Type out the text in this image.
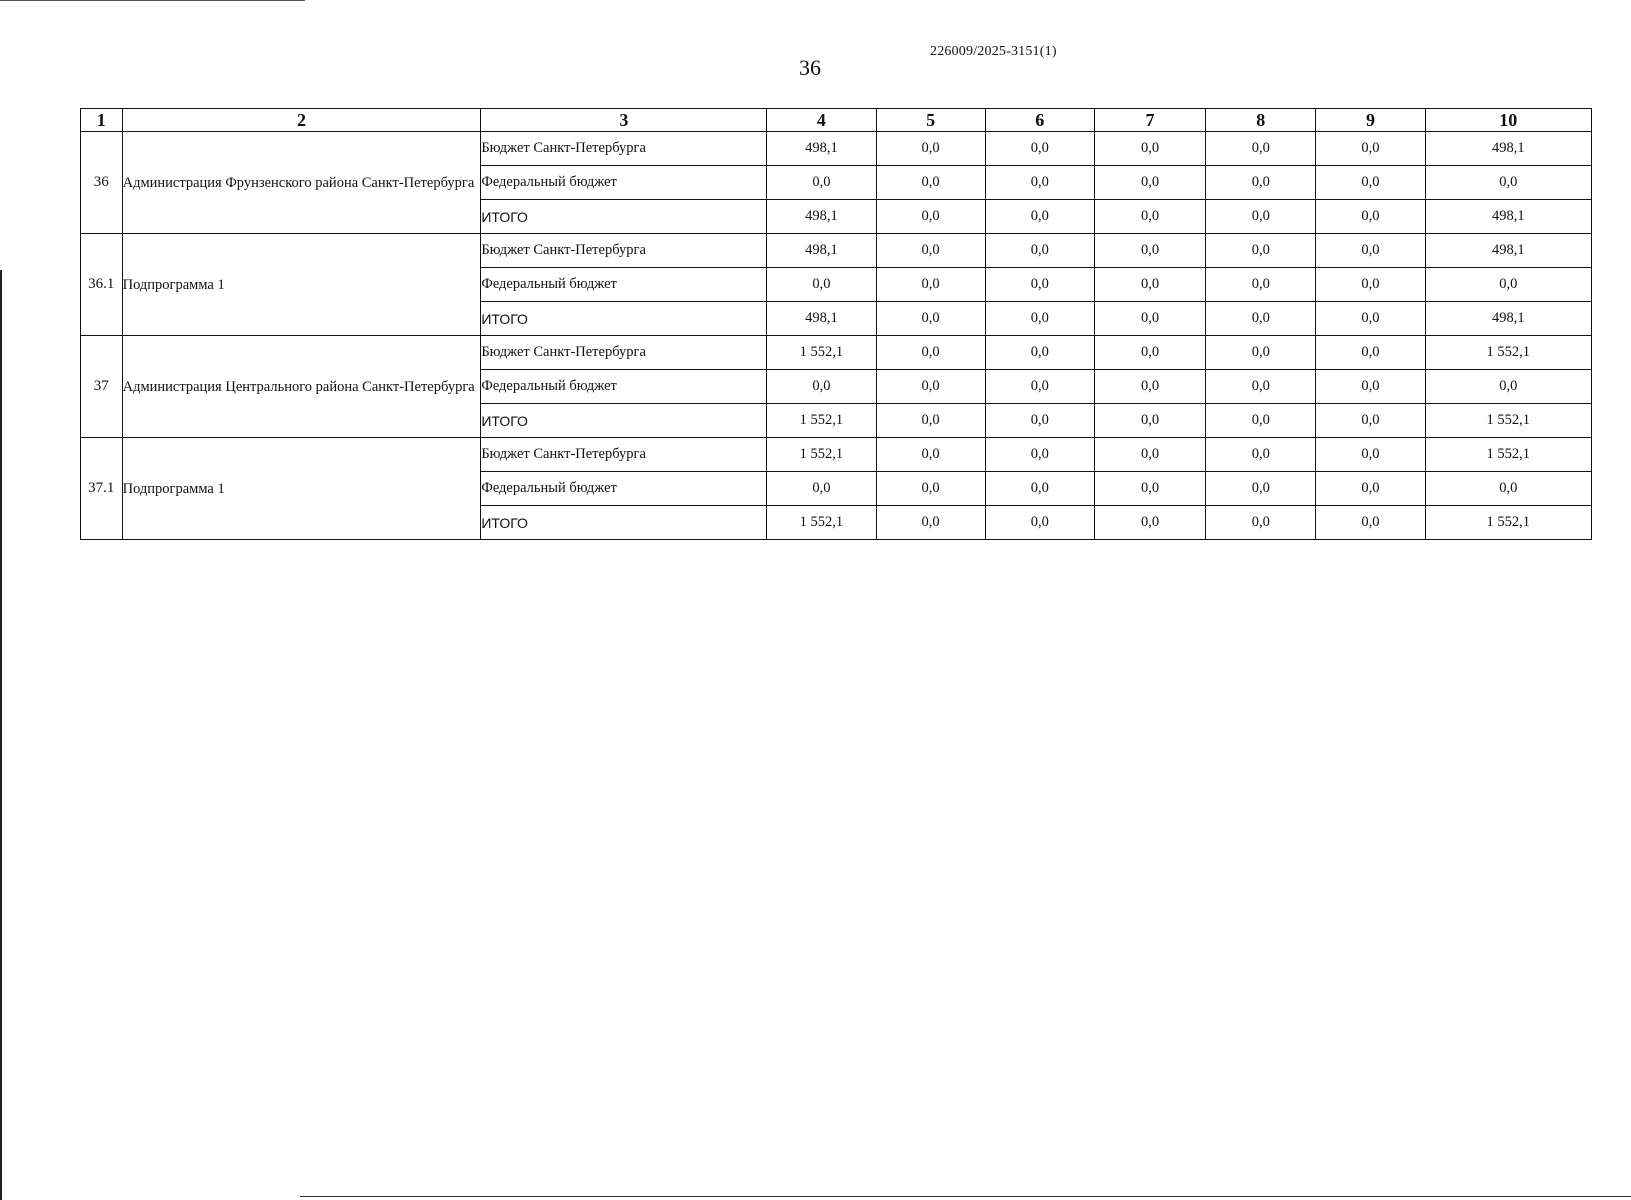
226009/2025-3151(1)
36
1	2	3	4	5	6	7	8	9	10
36	Администрация Фрунзенского района Санкт-Петербурга	Бюджет Санкт-Петербурга	498,1	0,0	0,0	0,0	0,0	0,0	498,1
		Федеральный бюджет	0,0	0,0	0,0	0,0	0,0	0,0	0,0
		ИТОГО	498,1	0,0	0,0	0,0	0,0	0,0	498,1
36.1	Подпрограмма 1	Бюджет Санкт-Петербурга	498,1	0,0	0,0	0,0	0,0	0,0	498,1
		Федеральный бюджет	0,0	0,0	0,0	0,0	0,0	0,0	0,0
		ИТОГО	498,1	0,0	0,0	0,0	0,0	0,0	498,1
37	Администрация Центрального района Санкт-Петербурга	Бюджет Санкт-Петербурга	1 552,1	0,0	0,0	0,0	0,0	0,0	1 552,1
		Федеральный бюджет	0,0	0,0	0,0	0,0	0,0	0,0	0,0
		ИТОГО	1 552,1	0,0	0,0	0,0	0,0	0,0	1 552,1
37.1	Подпрограмма 1	Бюджет Санкт-Петербурга	1 552,1	0,0	0,0	0,0	0,0	0,0	1 552,1
		Федеральный бюджет	0,0	0,0	0,0	0,0	0,0	0,0	0,0
		ИТОГО	1 552,1	0,0	0,0	0,0	0,0	0,0	1 552,1
